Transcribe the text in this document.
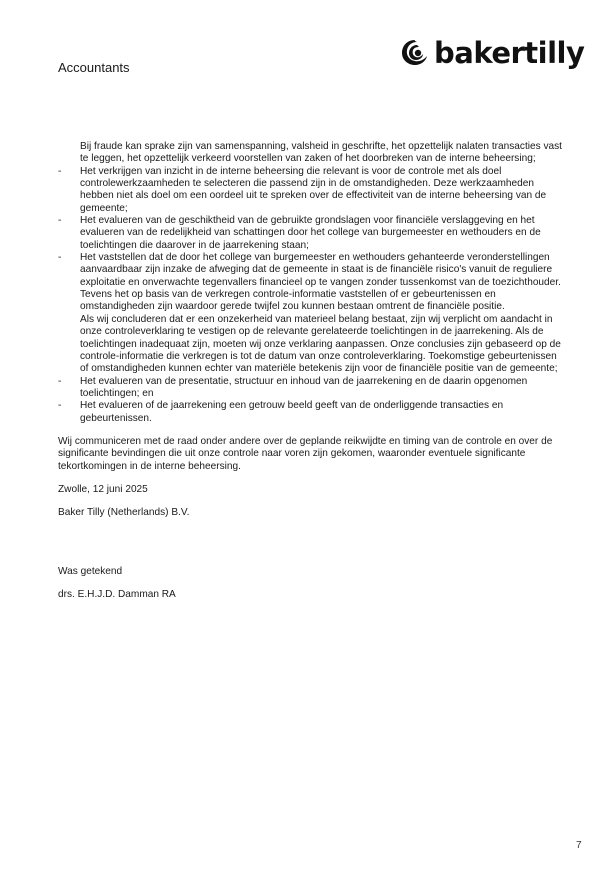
Accountants	bakertilly
Bij fraude kan sprake zijn van samenspanning, valsheid in geschrifte, het opzettelijk nalaten transacties vast te leggen, het opzettelijk verkeerd voorstellen van zaken of het doorbreken van de interne beheersing;
-	Het verkrijgen van inzicht in de interne beheersing die relevant is voor de controle met als doel controlewerkzaamheden te selecteren die passend zijn in de omstandigheden. Deze werkzaamheden hebben niet als doel om een oordeel uit te spreken over de effectiviteit van de interne beheersing van de gemeente;
-	Het evalueren van de geschiktheid van de gebruikte grondslagen voor financiële verslaggeving en het evalueren van de redelijkheid van schattingen door het college van burgemeester en wethouders en de toelichtingen die daarover in de jaarrekening staan;
-	Het vaststellen dat de door het college van burgemeester en wethouders gehanteerde veronderstellingen aanvaardbaar zijn inzake de afweging dat de gemeente in staat is de financiële risico's vanuit de reguliere exploitatie en onverwachte tegenvallers financieel op te vangen zonder tussenkomst van de toezichthouder. Tevens het op basis van de verkregen controle-informatie vaststellen of er gebeurtenissen en omstandigheden zijn waardoor gerede twijfel zou kunnen bestaan omtrent de financiële positie.
Als wij concluderen dat er een onzekerheid van materieel belang bestaat, zijn wij verplicht om aandacht in onze controleverklaring te vestigen op de relevante gerelateerde toelichtingen in de jaarrekening. Als de toelichtingen inadequaat zijn, moeten wij onze verklaring aanpassen. Onze conclusies zijn gebaseerd op de controle-informatie die verkregen is tot de datum van onze controleverklaring. Toekomstige gebeurtenissen of omstandigheden kunnen echter van materiële betekenis zijn voor de financiële positie van de gemeente;
-	Het evalueren van de presentatie, structuur en inhoud van de jaarrekening en de daarin opgenomen toelichtingen; en
-	Het evalueren of de jaarrekening een getrouw beeld geeft van de onderliggende transacties en gebeurtenissen.

Wij communiceren met de raad onder andere over de geplande reikwijdte en timing van de controle en over de significante bevindingen die uit onze controle naar voren zijn gekomen, waaronder eventuele significante tekortkomingen in de interne beheersing.

Zwolle, 12 juni 2025

Baker Tilly (Netherlands) B.V.

Was getekend

drs. E.H.J.D. Damman RA

7
